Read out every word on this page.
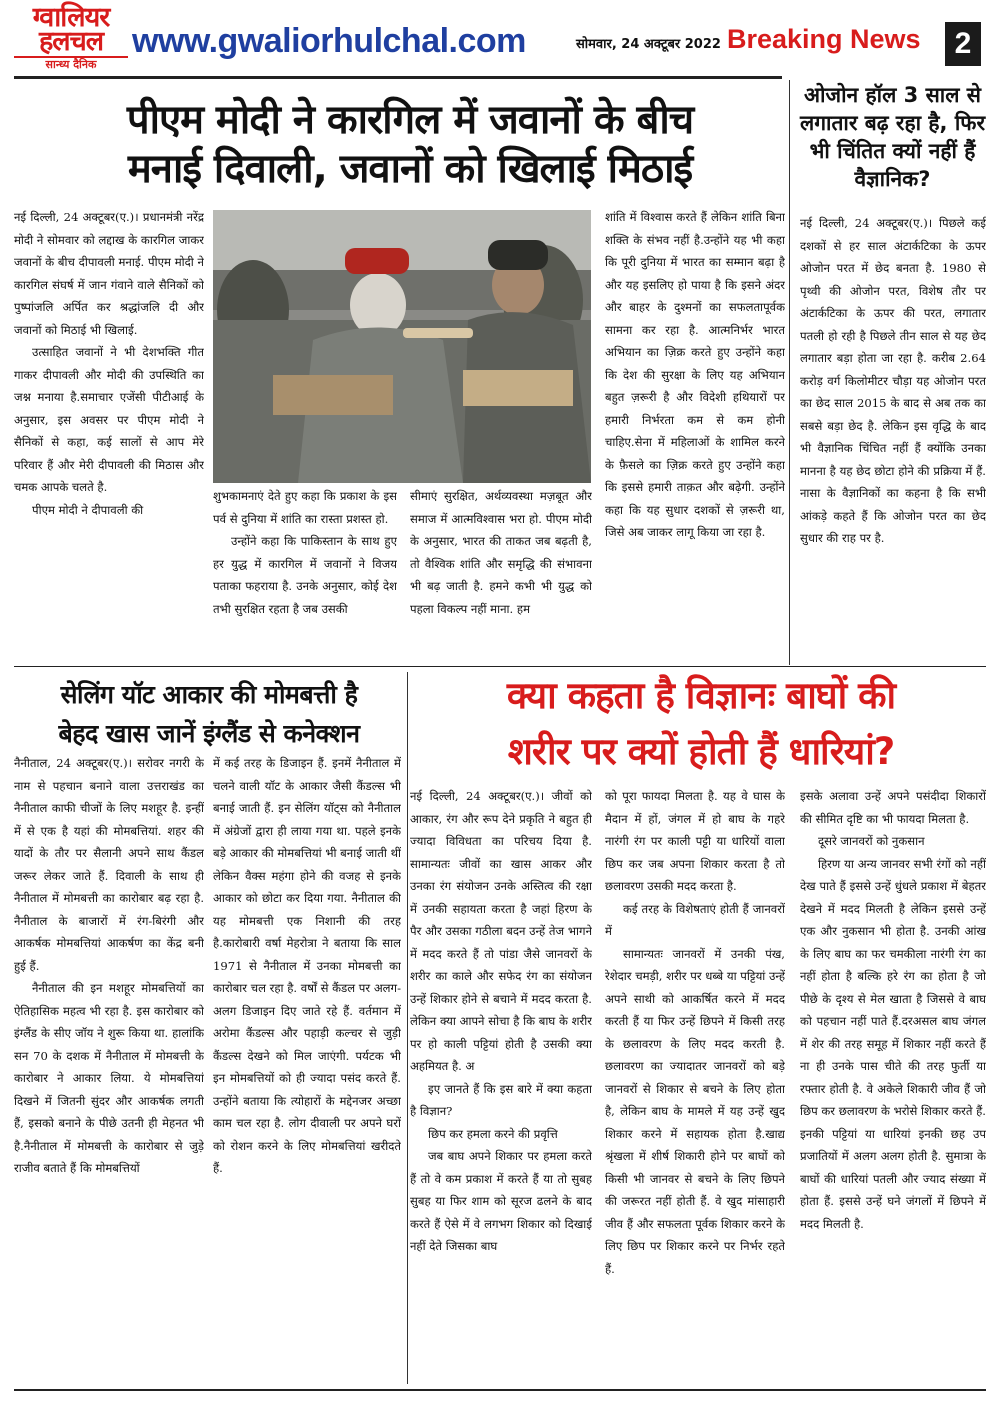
ग्वालियर
हलचल
सान्ध्य दैनिक
www.gwaliorhulchal.com	सोमवार, 24 अक्टूबर 2022 Breaking News	2
पीएम मोदी ने कारगिल में जवानों के बीच
मनाई दिवाली, जवानों को खिलाई मिठाई

नई दिल्ली, 24 अक्टूबर(ए.)। प्रधानमंत्री नरेंद्र मोदी ने सोमवार को लद्दाख के कारगिल जाकर जवानों के बीच दीपावली मनाई. पीएम मोदी ने कारगिल संघर्ष में जान गंवाने वाले सैनिकों को पुष्पांजलि अर्पित कर श्रद्धांजलि दी और जवानों को मिठाई भी खिलाई.

उत्साहित जवानों ने भी देशभक्ति गीत गाकर दीपावली और मोदी की उपस्थिति का जश्न मनाया है.समाचार एजेंसी पीटीआई के अनुसार, इस अवसर पर पीएम मोदी ने सैनिकों से कहा, कई सालों से आप मेरे परिवार हैं और मेरी दीपावली की मिठास और चमक आपके चलते है.

पीएम मोदी ने दीपावली की

शुभकामनाएं देते हुए कहा कि प्रकाश के इस पर्व से दुनिया में शांति का रास्ता प्रशस्त हो.

उन्होंने कहा कि पाकिस्तान के साथ हुए हर युद्ध में कारगिल में जवानों ने विजय पताका फहराया है. उनके अनुसार, कोई देश तभी सुरक्षित रहता है जब उसकी

सीमाएं सुरक्षित, अर्थव्यवस्था मज़बूत और समाज में आत्मविश्वास भरा हो. पीएम मोदी के अनुसार, भारत की ताकत जब बढ़ती है, तो वैश्विक शांति और समृद्धि की संभावना भी बढ़ जाती है. हमने कभी भी युद्ध को पहला विकल्प नहीं माना. हम

शांति में विश्वास करते हैं लेकिन शांति बिना शक्ति के संभव नहीं है.उन्होंने यह भी कहा कि पूरी दुनिया में भारत का सम्मान बढ़ा है और यह इसलिए हो पाया है कि इसने अंदर और बाहर के दुश्मनों का सफलतापूर्वक सामना कर रहा है. आत्मनिर्भर भारत अभियान का ज़िक्र करते हुए उन्होंने कहा कि देश की सुरक्षा के लिए यह अभियान बहुत ज़रूरी है और विदेशी हथियारों पर हमारी निर्भरता कम से कम होनी चाहिए.सेना में महिलाओं के शामिल करने के फ़ैसले का ज़िक्र करते हुए उन्होंने कहा कि इससे हमारी ताक़त और बढ़ेगी. उन्होंने कहा कि यह सुधार दशकों से ज़रूरी था, जिसे अब जाकर लागू किया जा रहा है.

ओजोन हॉल 3 साल से लगातार बढ़ रहा है, फिर भी चिंतित क्यों नहीं हैं वैज्ञानिक?

नई दिल्ली, 24 अक्टूबर(ए.)। पिछले कई दशकों से हर साल अंटार्कटिका के ऊपर ओजोन परत में छेद बनता है. 1980 से पृथ्वी की ओजोन परत, विशेष तौर पर अंटार्कटिका के ऊपर की परत, लगातार पतली हो रही है पिछले तीन साल से यह छेद लगातार बड़ा होता जा रहा है. करीब 2.64 करोड़ वर्ग किलोमीटर चौड़ा यह ओजोन परत का छेद साल 2015 के बाद से अब तक का सबसे बड़ा छेद है. लेकिन इस वृद्धि के बाद भी वैज्ञानिक चिंचित नहीं हैं क्योंकि उनका मानना है यह छेद छोटा होने की प्रक्रिया में हैं. नासा के वैज्ञानिकों का कहना है कि सभी आंकड़े कहते हैं कि ओजोन परत का छेद सुधार की राह पर है.

सेलिंग यॉट आकार की मोमबत्ती है
बेहद खास जानें इंग्लैंड से कनेक्शन

नैनीताल, 24 अक्टूबर(ए.)। सरोवर नगरी के नाम से पहचान बनाने वाला उत्तराखंड का नैनीताल काफी चीजों के लिए मशहूर है. इन्हीं में से एक है यहां की मोमबत्तियां. शहर की यादों के तौर पर सैलानी अपने साथ कैंडल जरूर लेकर जाते हैं. दिवाली के साथ ही नैनीताल में मोमबत्ती का कारोबार बढ़ रहा है. नैनीताल के बाजारों में रंग-बिरंगी और आकर्षक मोमबत्तियां आकर्षण का केंद्र बनी हुई हैं.

नैनीताल की इन मशहूर मोमबत्तियों का ऐतिहासिक महत्व भी रहा है. इस कारोबार को इंग्लैंड के सीए जॉय ने शुरू किया था. हालांकि सन 70 के दशक में नैनीताल में मोमबत्ती के कारोबार ने आकार लिया. ये मोमबत्तियां दिखने में जितनी सुंदर और आकर्षक लगती हैं, इसको बनाने के पीछे उतनी ही मेहनत भी है.नैनीताल में मोमबत्ती के कारोबार से जुड़े राजीव बताते हैं कि मोमबत्तियों

में कई तरह के डिजाइन हैं. इनमें नैनीताल में चलने वाली यॉट के आकार जैसी कैंडल्स भी बनाई जाती हैं. इन सेलिंग यॉट्स को नैनीताल में अंग्रेजों द्वारा ही लाया गया था. पहले इनके बड़े आकार की मोमबत्तियां भी बनाई जाती थीं लेकिन वैक्स महंगा होने की वजह से इनके आकार को छोटा कर दिया गया. नैनीताल की यह मोमबत्ती एक निशानी की तरह है.कारोबारी वर्षा मेहरोत्रा ने बताया कि साल 1971 से नैनीताल में उनका मोमबत्ती का कारोबार चल रहा है. वर्षों से कैंडल पर अलग-अलग डिजाइन दिए जाते रहे हैं. वर्तमान में अरोमा कैंडल्स और पहाड़ी कल्चर से जुड़ी कैंडल्स देखने को मिल जाएंगी. पर्यटक भी इन मोमबत्तियों को ही ज्यादा पसंद करते हैं. उन्होंने बताया कि त्योहारों के मद्देनजर अच्छा काम चल रहा है. लोग दीवाली पर अपने घरों को रोशन करने के लिए मोमबत्तियां खरीदते हैं.

क्या कहता है विज्ञानः बाघों की
शरीर पर क्यों होती हैं धारियां?

नई दिल्ली, 24 अक्टूबर(ए.)। जीवों को आकार, रंग और रूप देने प्रकृति ने बहुत ही ज्यादा विविधता का परिचय दिया है. सामान्यतः जीवों का खास आकर और उनका रंग संयोजन उनके अस्तित्व की रक्षा में उनकी सहायता करता है जहां हिरण के पैर और उसका गठीला बदन उन्हें तेज भागने में मदद करते हैं तो पांडा जैसे जानवरों के शरीर का काले और सफेद रंग का संयोजन उन्हें शिकार होने से बचाने में मदद करता है. लेकिन क्या आपने सोचा है कि बाघ के शरीर पर हो काली पट्टियां होती है उसकी क्या अहमियत है. अ

इए जानते हैं कि इस बारे में क्या कहता है विज्ञान?

छिप कर हमला करने की प्रवृत्ति

जब बाघ अपने शिकार पर हमला करते हैं तो वे कम प्रकाश में करते हैं या तो सुबह सुबह या फिर शाम को सूरज ढलने के बाद करते हैं ऐसे में वे लगभग शिकार को दिखाई नहीं देते जिसका बाघ

को पूरा फायदा मिलता है. यह वे घास के मैदान में हों, जंगल में हो बाघ के गहरे नारंगी रंग पर काली पट्टी या धारियों वाला छिप कर जब अपना शिकार करता है तो छलावरण उसकी मदद करता है.

कई तरह के विशेषताएं होती हैं जानवरों में

सामान्यतः जानवरों में उनकी पंख, रेशेदार चमड़ी, शरीर पर धब्बे या पट्टियां उन्हें अपने साथी को आकर्षित करने में मदद करती हैं या फिर उन्हें छिपने में किसी तरह के छलावरण के लिए मदद करती है. छलावरण का ज्यादातर जानवरों को बड़े जानवरों से शिकार से बचने के लिए होता है, लेकिन बाघ के मामले में यह उन्हें खुद शिकार करने में सहायक होता है.खाद्य श्रृंखला में शीर्ष शिकारी होने पर बाघों को किसी भी जानवर से बचने के लिए छिपने की जरूरत नहीं होती हैं. वे खुद मांसाहारी जीव हैं और सफलता पूर्वक शिकार करने के लिए छिप पर शिकार करने पर निर्भर रहते हैं.

इसके अलावा उन्हें अपने पसंदीदा शिकारों की सीमित दृष्टि का भी फायदा मिलता है.

दूसरे जानवरों को नुकसान

हिरण या अन्य जानवर सभी रंगों को नहीं देख पाते हैं इससे उन्हें धुंधले प्रकाश में बेहतर देखने में मदद मिलती है लेकिन इससे उन्हें एक और नुकसान भी होता है. उनकी आंख के लिए बाघ का फर चमकीला नारंगी रंग का नहीं होता है बल्कि हरे रंग का होता है जो पीछे के दृश्य से मेल खाता है जिससे वे बाघ को पहचान नहीं पाते हैं.दरअसल बाघ जंगल में शेर की तरह समूह में शिकार नहीं करते हैं ना ही उनके पास चीते की तरह फुर्ती या रफ्तार होती है. वे अकेले शिकारी जीव हैं जो छिप कर छलावरण के भरोसे शिकार करते हैं. इनकी पट्टियां या धारियां इनकी छह उप प्रजातियों में अलग अलग होती है. सुमात्रा के बाघों की धारियां पतली और ज्याद संख्या में होता हैं. इससे उन्हें घने जंगलों में छिपने में मदद मिलती है.
